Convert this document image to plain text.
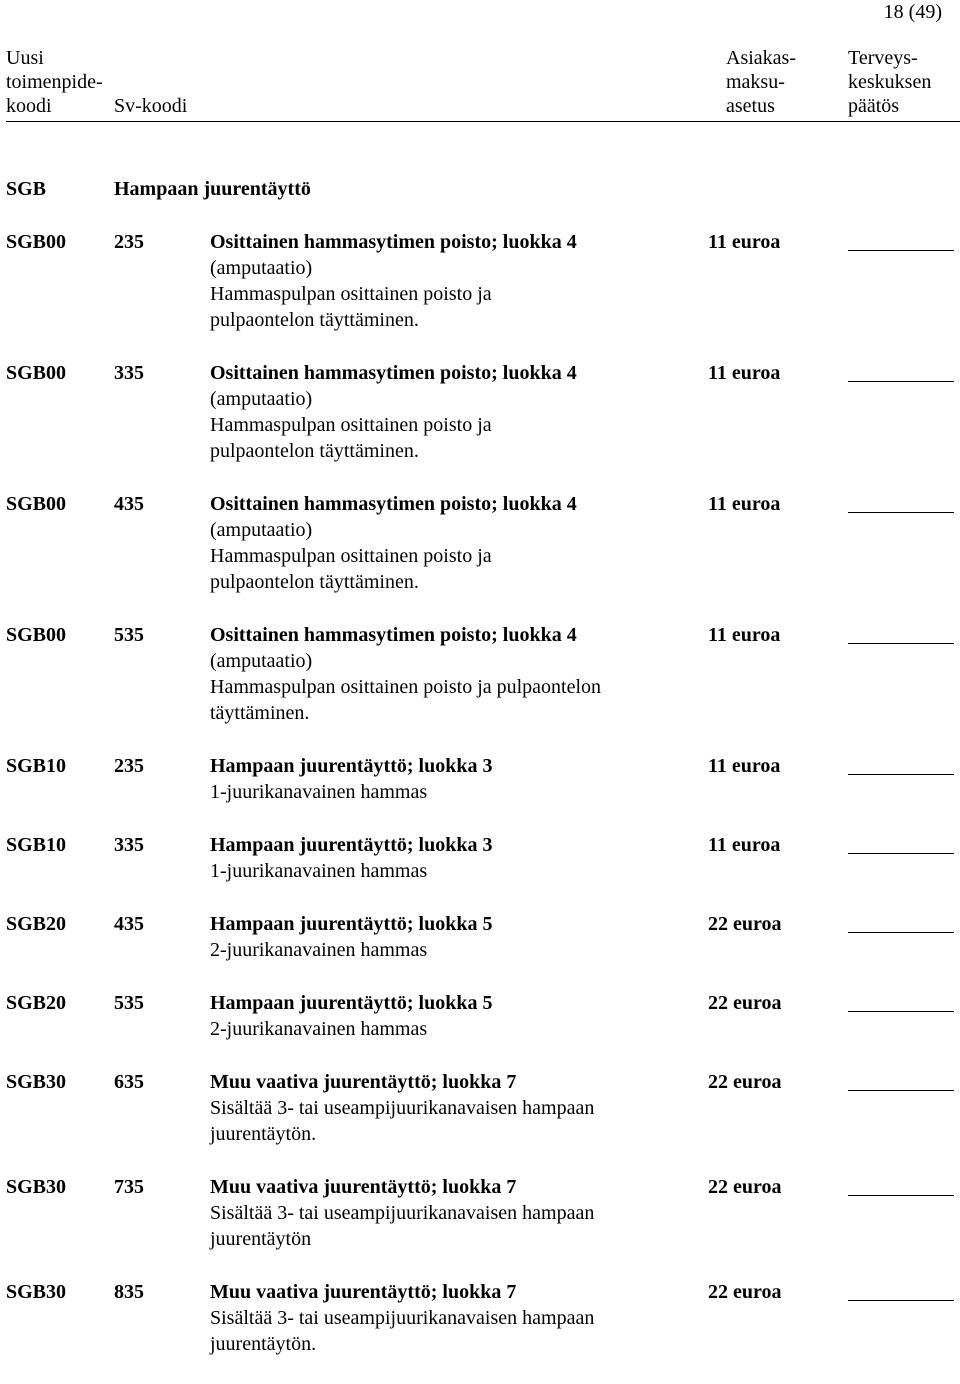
18 (49)
Uusi
toimenpide-
koodi	Sv-koodi
Asiakas-
maksu-
asetus
Terveys-
keskuksen
päätös
SGB	Hampaan juurentäyttö
SGB00 235	Osittainen hammasytimen poisto; luokka 4
(amputaatio)
Hammaspulpan osittainen poisto ja
pulpaontelon täyttäminen.
11 euroa
SGB00 335	Osittainen hammasytimen poisto; luokka 4
(amputaatio)
Hammaspulpan osittainen poisto ja
pulpaontelon täyttäminen.
11 euroa
SGB00 435	Osittainen hammasytimen poisto; luokka 4
(amputaatio)
Hammaspulpan osittainen poisto ja
pulpaontelon täyttäminen.
11 euroa
SGB00 535	Osittainen hammasytimen poisto; luokka 4
(amputaatio)
Hammaspulpan osittainen poisto ja pulpaontelon
täyttäminen.
11 euroa
SGB10 235	Hampaan juurentäyttö; luokka 3
1-juurikanavainen hammas
11 euroa
SGB10 335	Hampaan juurentäyttö; luokka 3
1-juurikanavainen hammas
11 euroa
SGB20 435	Hampaan juurentäyttö; luokka 5
2-juurikanavainen hammas
22 euroa
SGB20 535	Hampaan juurentäyttö; luokka 5
2-juurikanavainen hammas
22 euroa
SGB30 635	Muu vaativa juurentäyttö; luokka 7
Sisältää 3- tai useampijuurikanavaisen hampaan
juurentäytön.
22 euroa
SGB30 735	Muu vaativa juurentäyttö; luokka 7
Sisältää 3- tai useampijuurikanavaisen hampaan
juurentäytön
22 euroa
SGB30 835	Muu vaativa juurentäyttö; luokka 7
Sisältää 3- tai useampijuurikanavaisen hampaan
juurentäytön.
22 euroa
